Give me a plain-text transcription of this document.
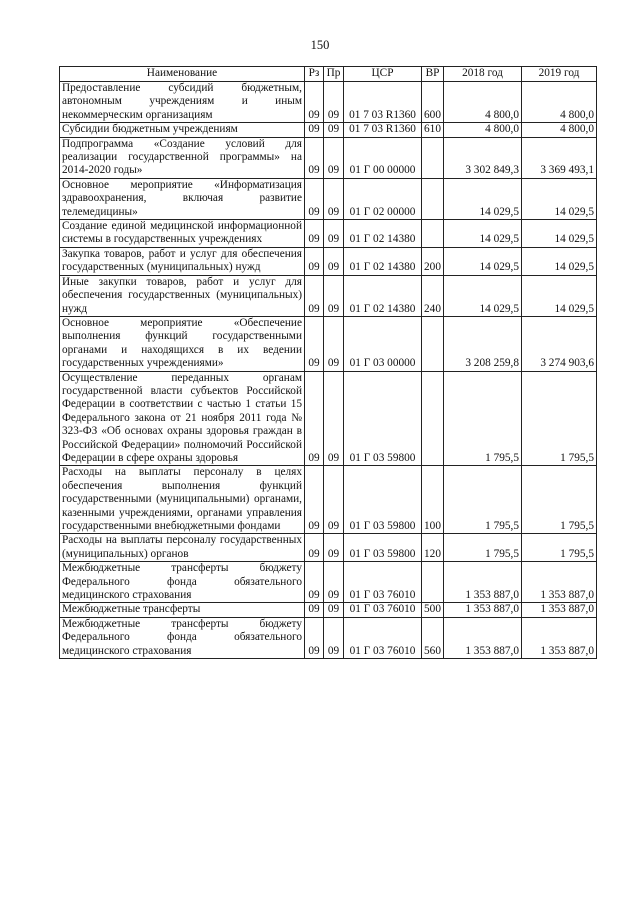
150
Наименование	Рз	Пр	ЦСР	ВР	2018 год	2019 год
Предоставление субсидий бюджетным, автономным учреждениям и иным некоммерческим организациям	09	09	01 7 03 R1360	600	4 800,0	4 800,0
Субсидии бюджетным учреждениям	09	09	01 7 03 R1360	610	4 800,0	4 800,0
Подпрограмма «Создание условий для реализации государственной программы» на 2014-2020 годы»	09	09	01 Г 00 00000		3 302 849,3	3 369 493,1
Основное мероприятие «Информатизация здравоохранения, включая развитие телемедицины»	09	09	01 Г 02 00000		14 029,5	14 029,5
Создание единой медицинской информационной системы в государственных учреждениях	09	09	01 Г 02 14380		14 029,5	14 029,5
Закупка товаров, работ и услуг для обеспечения государственных (муниципальных) нужд	09	09	01 Г 02 14380	200	14 029,5	14 029,5
Иные закупки товаров, работ и услуг для обеспечения государственных (муниципальных) нужд	09	09	01 Г 02 14380	240	14 029,5	14 029,5
Основное мероприятие «Обеспечение выполнения функций государственными органами и находящихся в их ведении государственных учреждениями»	09	09	01 Г 03 00000		3 208 259,8	3 274 903,6
Осуществление переданных органам государственной власти субъектов Российской Федерации в соответствии с частью 1 статьи 15 Федерального закона от 21 ноября 2011 года № 323-ФЗ «Об основах охраны здоровья граждан в Российской Федерации» полномочий Российской Федерации в сфере охраны здоровья	09	09	01 Г 03 59800		1 795,5	1 795,5
Расходы на выплаты персоналу в целях обеспечения выполнения функций государственными (муниципальными) органами, казенными учреждениями, органами управления государственными внебюджетными фондами	09	09	01 Г 03 59800	100	1 795,5	1 795,5
Расходы на выплаты персоналу государственных (муниципальных) органов	09	09	01 Г 03 59800	120	1 795,5	1 795,5
Межбюджетные трансферты бюджету Федерального фонда обязательного медицинского страхования	09	09	01 Г 03 76010		1 353 887,0	1 353 887,0
Межбюджетные трансферты	09	09	01 Г 03 76010	500	1 353 887,0	1 353 887,0
Межбюджетные трансферты бюджету Федерального фонда обязательного медицинского страхования	09	09	01 Г 03 76010	560	1 353 887,0	1 353 887,0
